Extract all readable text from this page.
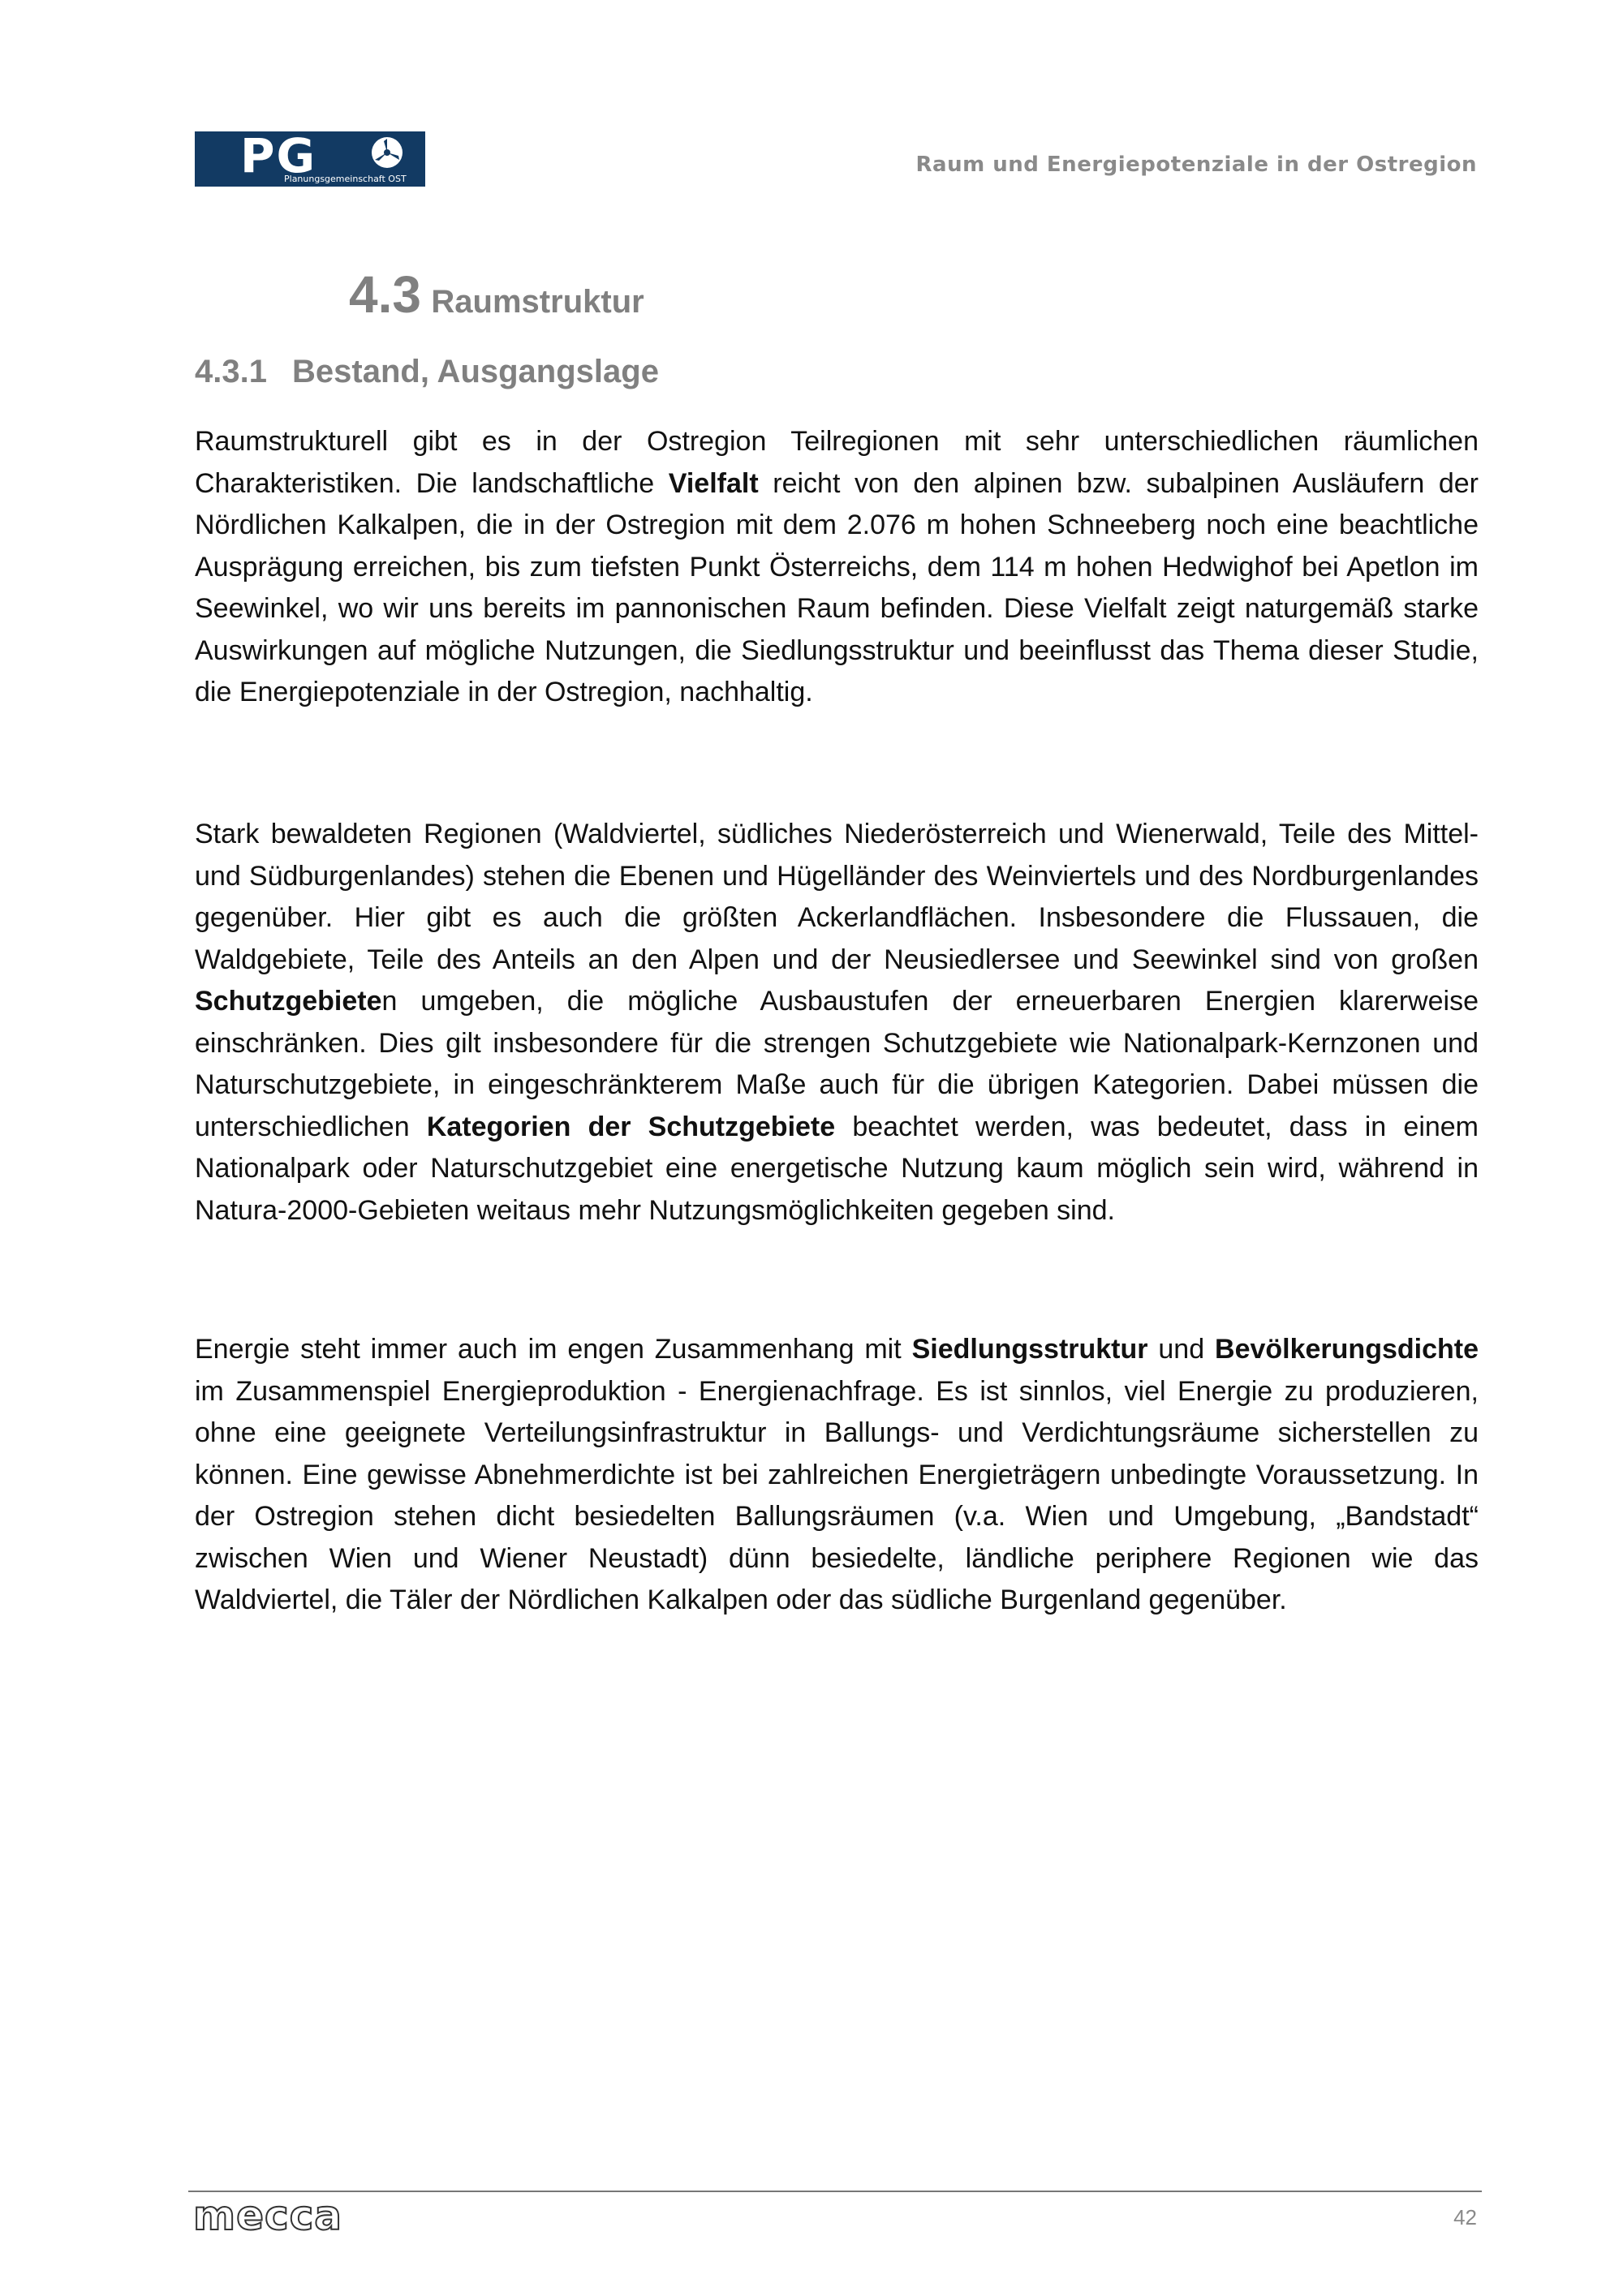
PG
Planungsgemeinschaft OST
Raum und Energiepotenziale in der Ostregion
4.3 Raumstruktur
4.3.1 Bestand, Ausgangslage

Raumstrukturell gibt es in der Ostregion Teilregionen mit sehr unterschiedlichen räumlichen Charakteristiken. Die landschaftliche Vielfalt reicht von den alpinen bzw. subalpinen Ausläufern der Nördlichen Kalkalpen, die in der Ostregion mit dem 2.076 m hohen Schneeberg noch eine beachtliche Ausprägung erreichen, bis zum tiefsten Punkt Österreichs, dem 114 m hohen Hedwighof bei Apetlon im Seewinkel, wo wir uns bereits im pannonischen Raum befinden. Diese Vielfalt zeigt naturgemäß starke Auswirkungen auf mögliche Nutzungen, die Siedlungsstruktur und beeinflusst das Thema dieser Studie, die Energiepotenziale in der Ostregion, nachhaltig.

Stark bewaldeten Regionen (Waldviertel, südliches Niederösterreich und Wienerwald, Teile des Mittel- und Südburgenlandes) stehen die Ebenen und Hügelländer des Weinviertels und des Nordburgenlandes gegenüber. Hier gibt es auch die größten Ackerlandflächen. Insbesondere die Flussauen, die Waldgebiete, Teile des Anteils an den Alpen und der Neusiedlersee und Seewinkel sind von großen Schutzgebieten umgeben, die mögliche Ausbaustufen der erneuerbaren Energien klarerweise einschränken. Dies gilt insbesondere für die strengen Schutzgebiete wie Nationalpark-Kernzonen und Naturschutzgebiete, in eingeschränkterem Maße auch für die übrigen Kategorien. Dabei müssen die unterschiedlichen Kategorien der Schutzgebiete beachtet werden, was bedeutet, dass in einem Nationalpark oder Naturschutzgebiet eine energetische Nutzung kaum möglich sein wird, während in Natura-2000-Gebieten weitaus mehr Nutzungsmöglichkeiten gegeben sind.

Energie steht immer auch im engen Zusammenhang mit Siedlungsstruktur und Bevölkerungsdichte im Zusammenspiel Energieproduktion - Energienachfrage. Es ist sinnlos, viel Energie zu produzieren, ohne eine geeignete Verteilungsinfrastruktur in Ballungs- und Verdichtungsräume sicherstellen zu können. Eine gewisse Abnehmerdichte ist bei zahlreichen Energieträgern unbedingte Voraussetzung. In der Ostregion stehen dicht besiedelten Ballungsräumen (v.a. Wien und Umgebung, „Bandstadt“ zwischen Wien und Wiener Neustadt) dünn besiedelte, ländliche periphere Regionen wie das Waldviertel, die Täler der Nördlichen Kalkalpen oder das südliche Burgenland gegenüber.

mecca	42
